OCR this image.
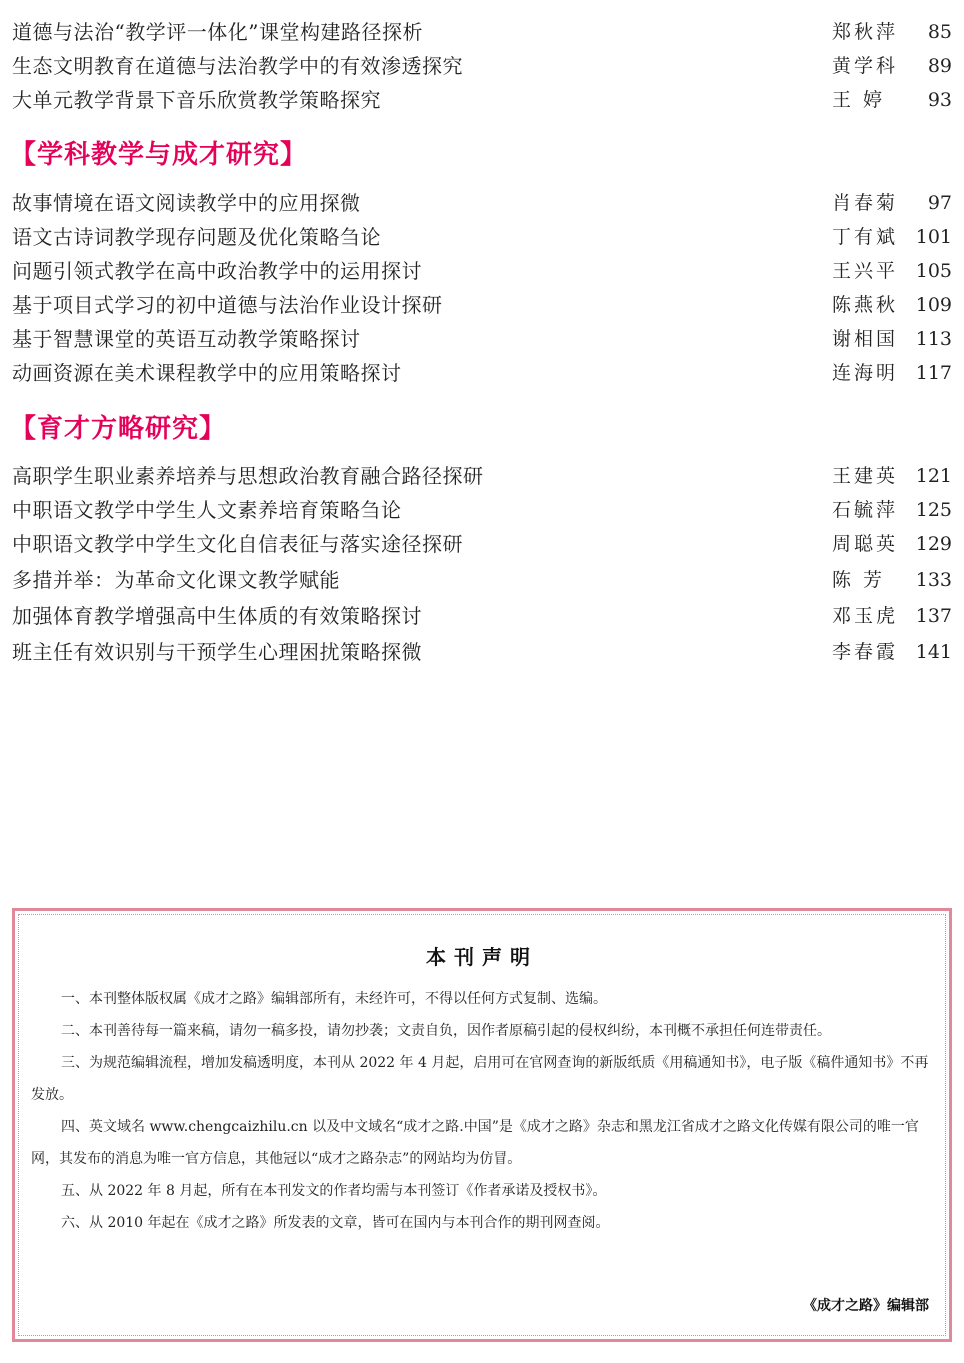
道德与法治“教学评一体化”课堂构建路径探析	郑秋萍	85
生态文明教育在道德与法治教学中的有效渗透探究	黄学科	89
大单元教学背景下音乐欣赏教学策略探究	王 婷	93
【学科教学与成才研究】
故事情境在语文阅读教学中的应用探微	肖春菊	97
语文古诗词教学现存问题及优化策略刍论	丁有斌 101
问题引领式教学在高中政治教学中的运用探讨	王兴平 105
基于项目式学习的初中道德与法治作业设计探研	陈燕秋 109
基于智慧课堂的英语互动教学策略探讨	谢相国 113
动画资源在美术课程教学中的应用策略探讨	连海明 117
【育才方略研究】
高职学生职业素养培养与思想政治教育融合路径探研	王建英 121
中职语文教学中学生人文素养培育策略刍论	石毓萍 125
中职语文教学中学生文化自信表征与落实途径探研	周聪英 129
多措并举：为革命文化课文教学赋能	陈 芳	133
加强体育教学增强高中生体质的有效策略探讨	邓玉虎 137
班主任有效识别与干预学生心理困扰策略探微	李春霞 141
本刊声明
一、本刊整体版权属《成才之路》编辑部所有，未经许可，不得以任何方式复制、选编。
二、本刊善待每一篇来稿，请勿一稿多投，请勿抄袭；文责自负，因作者原稿引起的侵权纠纷，本刊概不承担任何连带责任。
三、为规范编辑流程，增加发稿透明度，本刊从 2022 年 4 月起，启用可在官网查询的新版纸质《用稿通知书》，电子版《稿件通知书》不再发放。
四、英文域名 www.chengcaizhilu.cn 以及中文域名“成才之路.中国”是《成才之路》杂志和黑龙江省成才之路文化传媒有限公司的唯一官网，其发布的消息为唯一官方信息，其他冠以“成才之路杂志”的网站均为仿冒。
五、从 2022 年 8 月起，所有在本刊发文的作者均需与本刊签订《作者承诺及授权书》。
六、从 2010 年起在《成才之路》所发表的文章，皆可在国内与本刊合作的期刊网查阅。
《成才之路》编辑部
